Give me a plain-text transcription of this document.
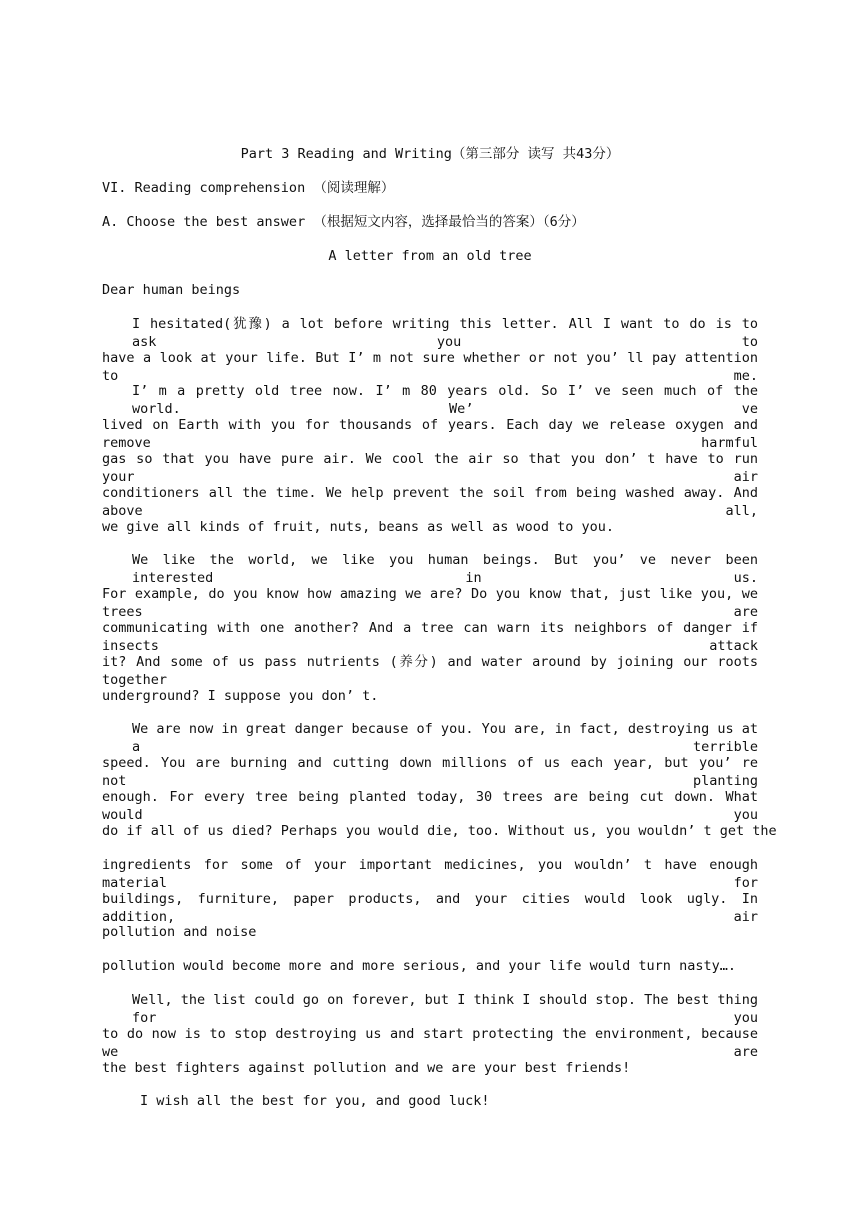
Part 3 Reading and Writing（第三部分 读写 共43分）
VI. Reading comprehension （阅读理解）
A. Choose the best answer （根据短文内容，选择最恰当的答案）（6分）
A letter from an old tree
Dear human beings
I hesitated(犹豫) a lot before writing this letter. All I want to do is to ask you to
have a look at your life. But I’ m not sure whether or not you’ ll pay attention to me.
I’ m a pretty old tree now. I’ m 80 years old. So I’ ve seen much of the world. We’ ve
lived on Earth with you for thousands of years. Each day we release oxygen and remove harmful
gas so that you have pure air. We cool the air so that you don’ t have to run your air
conditioners all the time. We help prevent the soil from being washed away. And above all,
we give all kinds of fruit, nuts, beans as well as wood to you.
We like the world, we like you human beings. But you’ ve never been interested in us.
For example, do you know how amazing we are? Do you know that, just like you, we trees are
communicating with one another? And a tree can warn its neighbors of danger if insects attack
it? And some of us pass nutrients (养分) and water around by joining our roots together
underground? I suppose you don’ t.
We are now in great danger because of you. You are, in fact, destroying us at a terrible
speed. You are burning and cutting down millions of us each year, but you’ re not planting
enough. For every tree being planted today, 30 trees are being cut down. What would you
do if all of us died? Perhaps you would die, too. Without us, you wouldn’ t get the
ingredients for some of your important medicines, you wouldn’ t have enough material for
buildings, furniture, paper products, and your cities would look ugly. In addition, air
pollution and noise
pollution would become more and more serious, and your life would turn nasty….
Well, the list could go on forever, but I think I should stop. The best thing for you
to do now is to stop destroying us and start protecting the environment, because we are
the best fighters against pollution and we are your best friends!
I wish all the best for you, and good luck!
